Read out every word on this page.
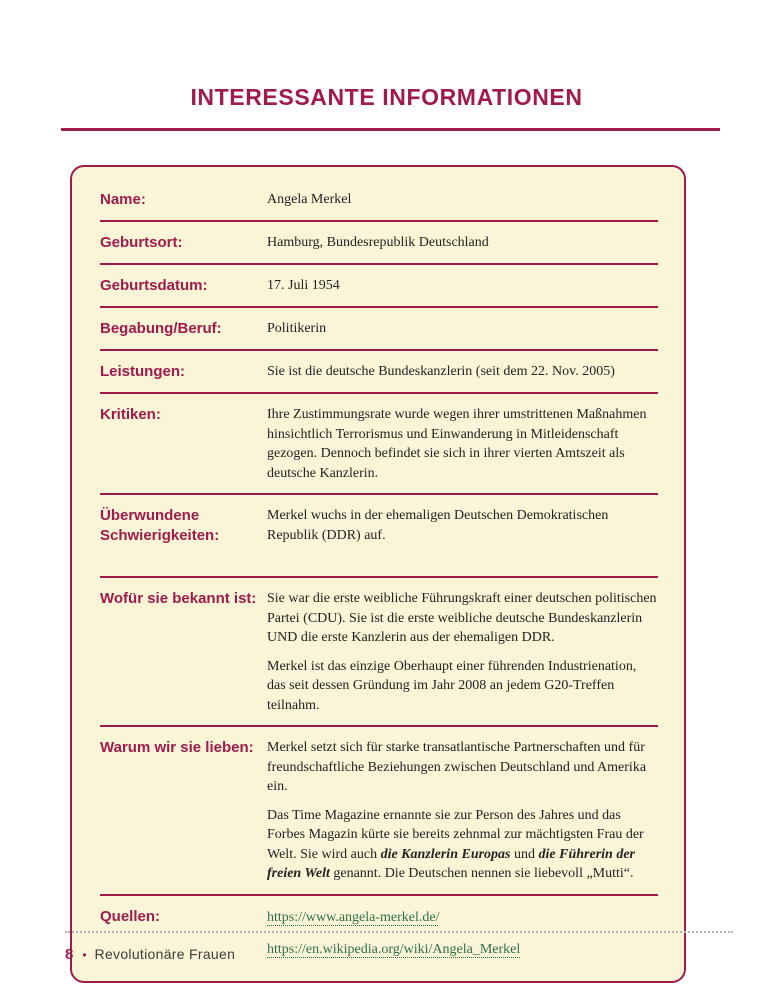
INTERESSANTE INFORMATIONEN
Name:	Angela Merkel

Geburtsort:	Hamburg, Bundesrepublik Deutschland

Geburtsdatum:	17. Juli 1954

Begabung/Beruf:	Politikerin

Leistungen:	Sie ist die deutsche Bundeskanzlerin (seit dem 22. Nov. 2005)

Kritiken:	Ihre Zustimmungsrate wurde wegen ihrer umstrittenen Maßnahmen hinsichtlich Terrorismus und Einwanderung in Mitleidenschaft gezogen. Dennoch befindet sie sich in ihrer vierten Amtszeit als deutsche Kanzlerin.

Überwundene Schwierigkeiten:

Merkel wuchs in der ehemaligen Deutschen Demokratischen Republik (DDR) auf.

Wofür sie bekannt ist: Sie war die erste weibliche Führungskraft einer deutschen politischen Partei (CDU). Sie ist die erste weibliche deutsche Bundeskanzlerin UND die erste Kanzlerin aus der ehemaligen DDR.

Merkel ist das einzige Oberhaupt einer führenden Industrienation, das seit dessen Gründung im Jahr 2008 an jedem G20-Treffen teilnahm.

Warum wir sie lieben: Merkel setzt sich für starke transatlantische Partnerschaften und für freundschaftliche Beziehungen zwischen Deutschland und Amerika ein.

Das Time Magazine ernannte sie zur Person des Jahres und das Forbes Magazin kürte sie bereits zehnmal zur mächtigsten Frau der Welt. Sie wird auch die Kanzlerin Europas und die Führerin der freien Welt genannt. Die Deutschen nennen sie liebevoll „Mutti“.

Quellen:	https://www.angela-merkel.de/
https://en.wikipedia.org/wiki/Angela_Merkel
8 • Revolutionäre Frauen
